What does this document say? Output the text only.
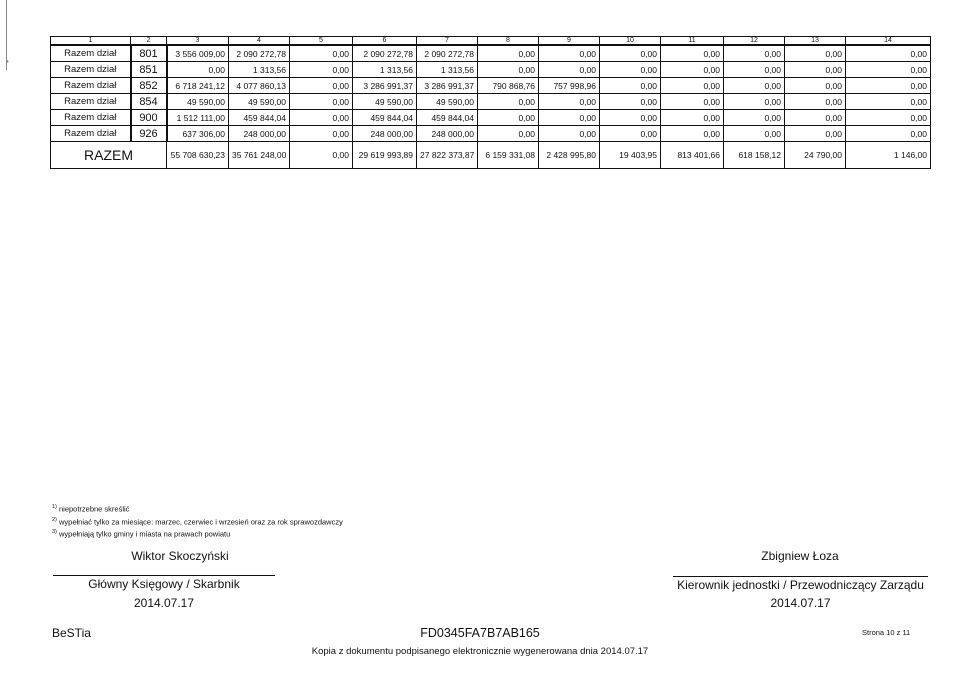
•
1	2	3	4	5	6	7	8	9	10	11	12	13	14
Razem dział	801	3 556 009,00	2 090 272,78	0,00	2 090 272,78	2 090 272,78	0,00	0,00	0,00	0,00	0,00	0,00	0,00
Razem dział	851	0,00	1 313,56	0,00	1 313,56	1 313,56	0,00	0,00	0,00	0,00	0,00	0,00	0,00
Razem dział	852	6 718 241,12	4 077 860,13	0,00	3 286 991,37	3 286 991,37	790 868,76	757 998,96	0,00	0,00	0,00	0,00	0,00
Razem dział	854	49 590,00	49 590,00	0,00	49 590,00	49 590,00	0,00	0,00	0,00	0,00	0,00	0,00	0,00
Razem dział	900	1 512 111,00	459 844,04	0,00	459 844,04	459 844,04	0,00	0,00	0,00	0,00	0,00	0,00	0,00
Razem dział	926	637 306,00	248 000,00	0,00	248 000,00	248 000,00	0,00	0,00	0,00	0,00	0,00	0,00	0,00
RAZEM		55 708 630,23	35 761 248,00	0,00	29 619 993,89	27 822 373,87	6 159 331,08	2 428 995,80	19 403,95	813 401,66	618 158,12	24 790,00	1 146,00
$^{1)}$ niepotrzebne skreślić
$^{2)}$ wypełniać tylko za miesiące: marzec, czerwiec i wrzesień oraz za rok sprawozdawczy
$^{3)}$ wypełniają tylko gminy i miasta na prawach powiatu
Wiktor Skoczyński
Główny Księgowy / Skarbnik
2014.07.17
Zbigniew Łoza
Kierownik jednostki / Przewodniczący Zarządu
2014.07.17
BeSTia	FD0345FA7B7AB165	Strona 10 z 11
Kopia z dokumentu podpisanego elektronicznie wygenerowana dnia 2014.07.17
